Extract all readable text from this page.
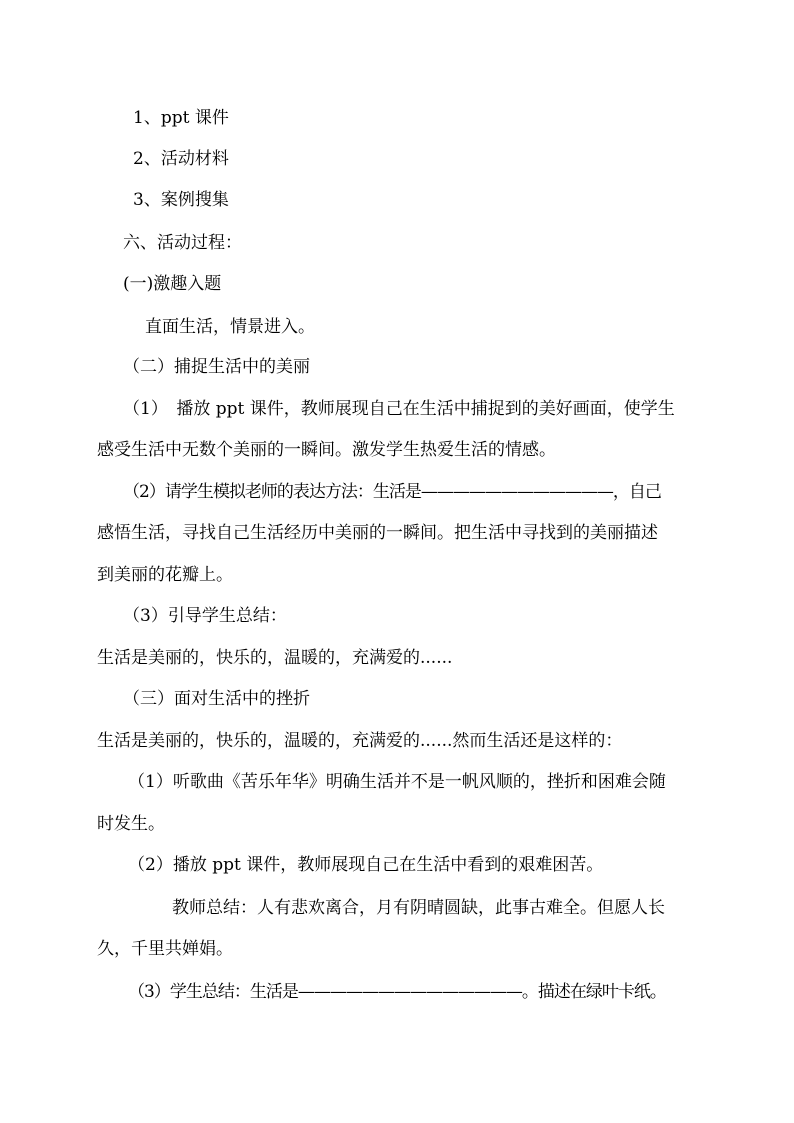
1、ppt 课件
2、活动材料
3、案例搜集
六、活动过程：
(一)激趣入题
直面生活，情景进入。
（二）捕捉生活中的美丽
（1）　播放 ppt 课件，教师展现自己在生活中捕捉到的美好画面，使学生
感受生活中无数个美丽的一瞬间。激发学生热爱生活的情感。
（2）请学生模拟老师的表达方法：生活是————————————，自己
感悟生活，寻找自己生活经历中美丽的一瞬间。把生活中寻找到的美丽描述
到美丽的花瓣上。
（3）引导学生总结：
生活是美丽的，快乐的，温暖的，充满爱的......
（三）面对生活中的挫折
生活是美丽的，快乐的，温暖的，充满爱的......然而生活还是这样的：
（1）听歌曲《苦乐年华》明确生活并不是一帆风顺的，挫折和困难会随
时发生。
（2）播放 ppt 课件，教师展现自己在生活中看到的艰难困苦。
教师总结：人有悲欢离合，月有阴晴圆缺，此事古难全。但愿人长
久，千里共婵娟。
（3）学生总结：生活是——————————————。描述在绿叶卡纸。
